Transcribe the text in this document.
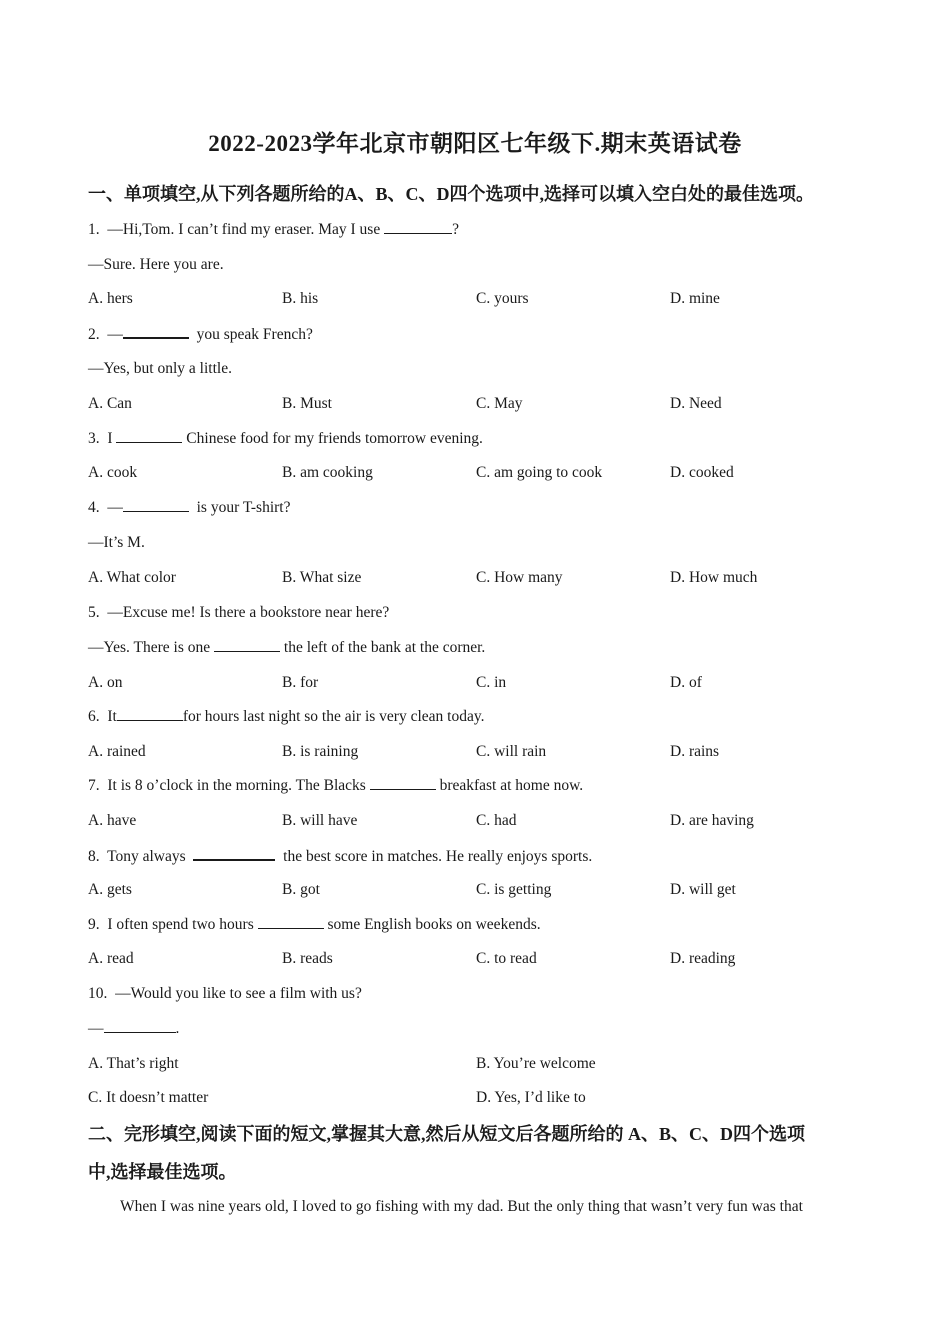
2022-2023学年北京市朝阳区七年级下.期末英语试卷
一、单项填空,从下列各题所给的A、B、C、D四个选项中,选择可以填入空白处的最佳选项。
1. —Hi,Tom. I can’t find my eraser. May I use	?
—Sure. Here you are.
A. hers	B. his	C. yours	D. mine
2. —	you speak French?
—Yes, but only a little.
A. Can	B. Must	C. May	D. Need
3. I	Chinese food for my friends tomorrow evening.
A. cook	B. am cooking	C. am going to cook	D. cooked
4. —	is your T-shirt?
—It’s M.
A. What color	B. What size	C. How many	D. How much
5. —Excuse me! Is there a bookstore near here?
—Yes. There is one	the left of the bank at the corner.
A. on	B. for	C. in	D. of
6. It	for hours last night so the air is very clean today.
A. rained	B. is raining	C. will rain	D. rains
7. It is 8 o’clock in the morning. The Blacks	breakfast at home now.
A. have	B. will have	C. had	D. are having
8. Tony always	the best score in matches. He really enjoys sports.
A. gets	B. got	C. is getting	D. will get
9. I often spend two hours	some English books on weekends.
A. read	B. reads	C. to read	D. reading
10. —Would you like to see a film with us?
—	.
A. That’s right	B. You’re welcome
C. It doesn’t matter	D. Yes, I’d like to
二、完形填空,阅读下面的短文,掌握其大意,然后从短文后各题所给的 A、B、C、D四个选项
中,选择最佳选项。
When I was nine years old, I loved to go fishing with my dad. But the only thing that wasn’t very fun was that
